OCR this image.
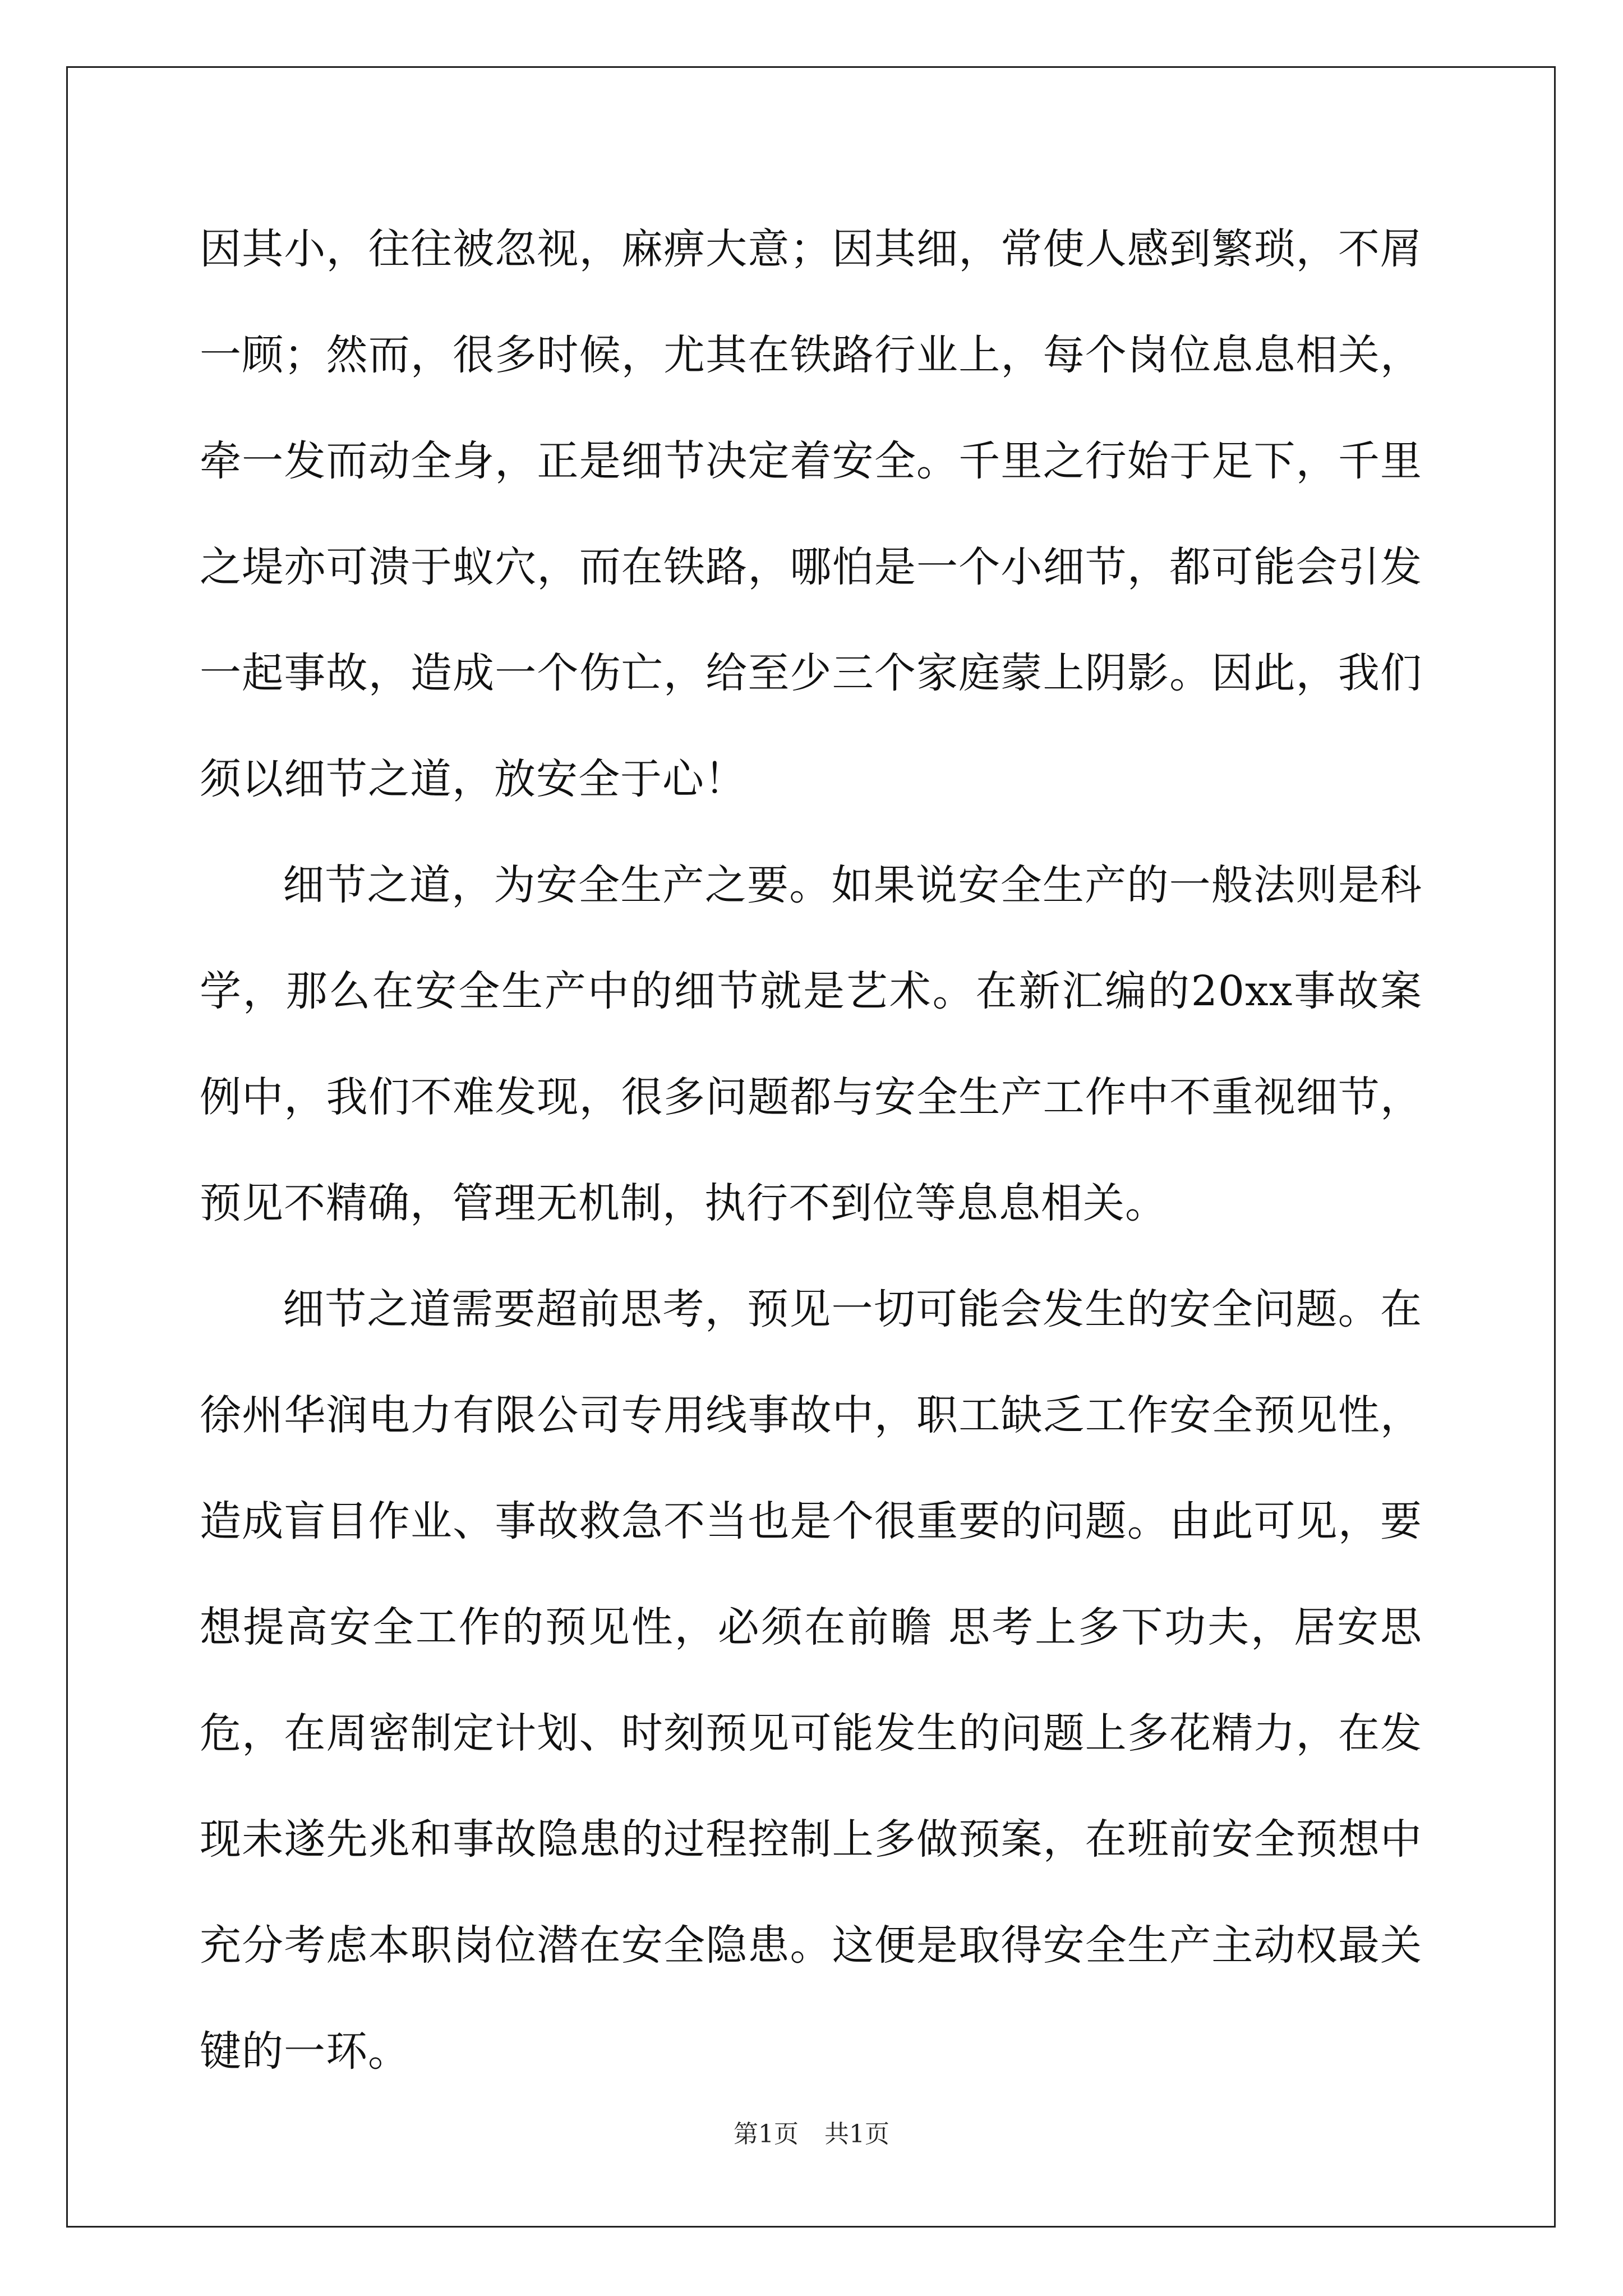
因其小，往往被忽视，麻痹大意；因其细，常使人感到繁琐，不屑一顾；然而，很多时候，尤其在铁路行业上，每个岗位息息相关，牵一发而动全身，正是细节决定着安全。千里之行始于足下，千里之堤亦可溃于蚁穴，而在铁路，哪怕是一个小细节，都可能会引发一起事故，造成一个伤亡，给至少三个家庭蒙上阴影。因此，我们须以细节之道，放安全于心！

细节之道，为安全生产之要。如果说安全生产的一般法则是科学，那么在安全生产中的细节就是艺术。在新汇编的20xx事故案例中，我们不难发现，很多问题都与安全生产工作中不重视细节，预见不精确，管理无机制，执行不到位等息息相关。

细节之道需要超前思考，预见一切可能会发生的安全问题。在徐州华润电力有限公司专用线事故中，职工缺乏工作安全预见性，造成盲目作业、事故救急不当也是个很重要的问题。由此可见，要想提高安全工作的预见性，必须在前瞻 思考上多下功夫，居安思危，在周密制定计划、时刻预见可能发生的问题上多花精力，在发现未遂先兆和事故隐患的过程控制上多做预案，在班前安全预想中充分考虑本职岗位潜在安全隐患。这便是取得安全生产主动权最关键的一环。

第1页 共1页
